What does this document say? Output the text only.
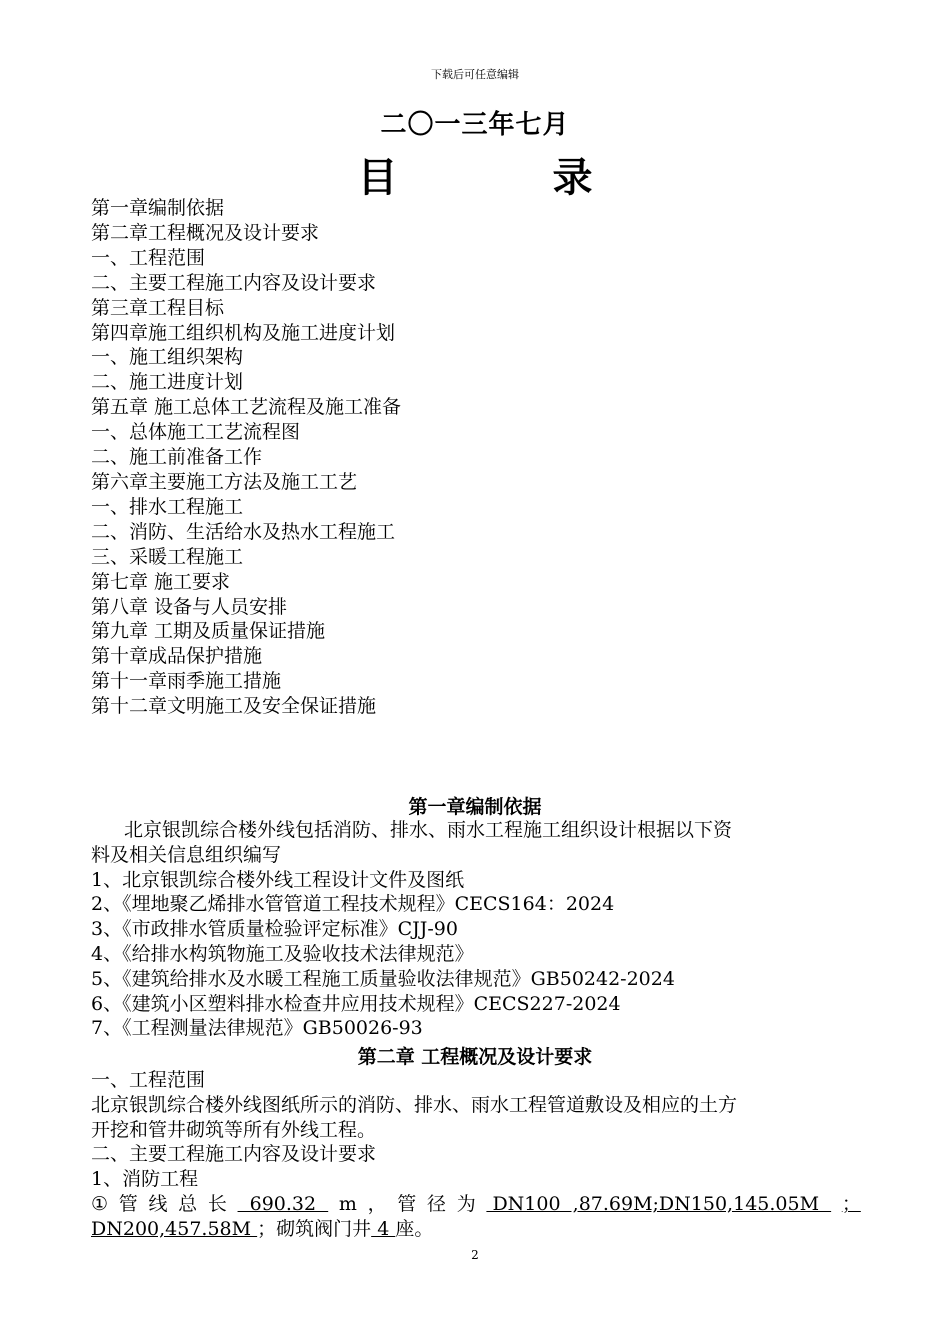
下载后可任意编辑
二〇一三年七月
目	录
第一章编制依据
第二章工程概况及设计要求
一、工程范围
二、主要工程施工内容及设计要求
第三章工程目标
第四章施工组织机构及施工进度计划
一、施工组织架构
二、施工进度计划
第五章 施工总体工艺流程及施工准备
一、总体施工工艺流程图
二、施工前准备工作
第六章主要施工方法及施工工艺
一、排水工程施工
二、消防、生活给水及热水工程施工
三、采暖工程施工
第七章 施工要求
第八章 设备与人员安排
第九章 工期及质量保证措施
第十章成品保护措施
第十一章雨季施工措施
第十二章文明施工及安全保证措施
第一章编制依据
北京银凯综合楼外线包括消防、排水、雨水工程施工组织设计根据以下资
料及相关信息组织编写
1、北京银凯综合楼外线工程设计文件及图纸
2、《埋地聚乙烯排水管管道工程技术规程》CECS164：2024
3、《市政排水管质量检验评定标准》CJJ-90
4、《给排水构筑物施工及验收技术法律规范》
5、《建筑给排水及水暖工程施工质量验收法律规范》GB50242-2024
6、《建筑小区塑料排水检查井应用技术规程》CECS227-2024
7、《工程测量法律规范》GB50026-93
第二章 工程概况及设计要求
一、工程范围
北京银凯综合楼外线图纸所示的消防、排水、雨水工程管道敷设及相应的土方
开挖和管井砌筑等所有外线工程。
二、主要工程施工内容及设计要求
1、消防工程
① 管 线 总 长 690.32 m ， 管 径 为 DN100  ,87.69M;DN150,145.05M ；
DN200,457.58M ；砌筑阀门井 4 座。
2
